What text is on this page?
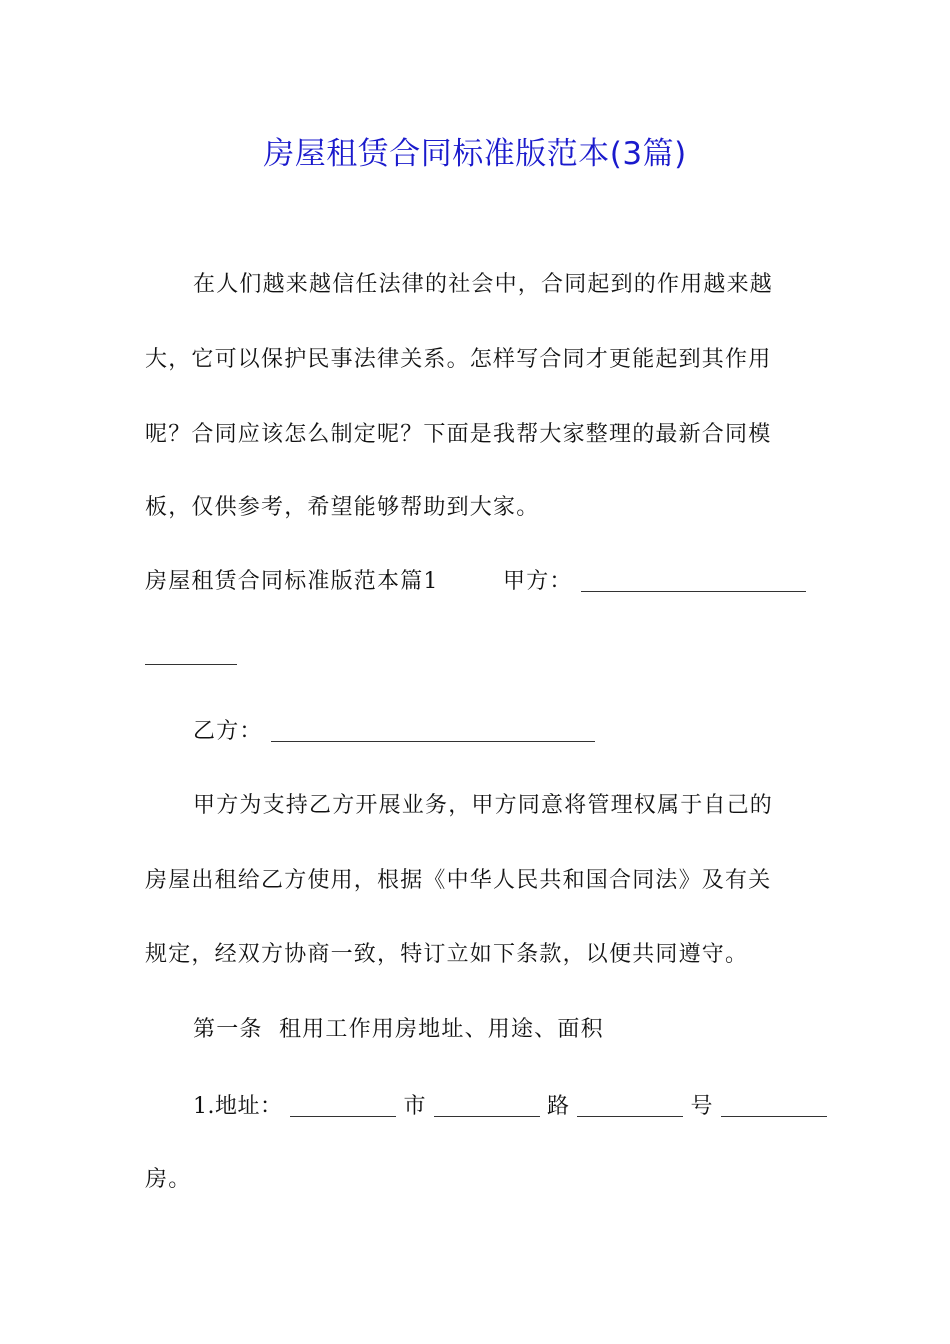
房屋租赁合同标准版范本(3篇)
在人们越来越信任法律的社会中，合同起到的作用越来越
大，它可以保护民事法律关系。怎样写合同才更能起到其作用
呢？合同应该怎么制定呢？下面是我帮大家整理的最新合同模
板，仅供参考，希望能够帮助到大家。
房屋租赁合同标准版范本篇1	甲方：
乙方：
甲方为支持乙方开展业务，甲方同意将管理权属于自己的
房屋出租给乙方使用，根据《中华人民共和国合同法》及有关
规定，经双方协商一致，特订立如下条款，以便共同遵守。
第一条  租用工作用房地址、用途、面积
1.地址：	市	路	号
房。
